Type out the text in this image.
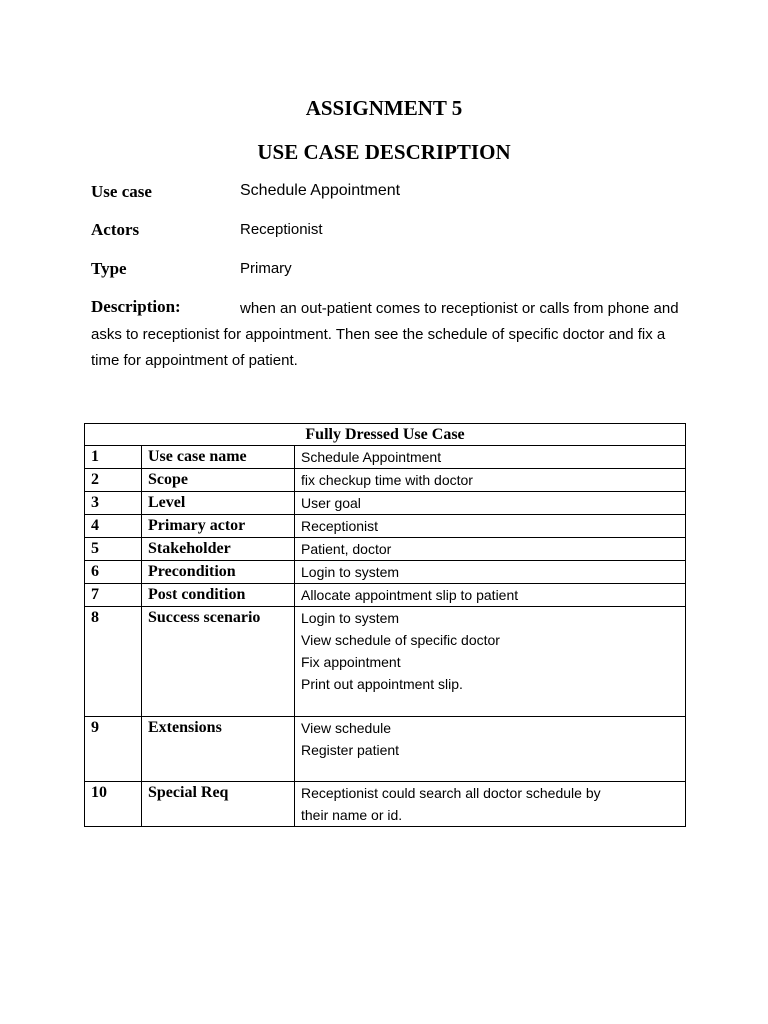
ASSIGNMENT 5
USE CASE DESCRIPTION
Use case	Schedule Appointment
Actors	Receptionist
Type	Primary
Description:	when an out-patient comes to receptionist or calls from phone and asks to receptionist for appointment. Then see the schedule of specific doctor and fix a time for appointment of patient.
Fully Dressed Use Case		
1	Use case name	Schedule Appointment

2	Scope	fix checkup time with doctor

3	Level	User goal

4	Primary actor	Receptionist

5	Stakeholder	Patient, doctor

6	Precondition	Login to system

7	Post condition	Allocate appointment slip to patient

8	Success scenario	Login to system
View schedule of specific doctor
Fix appointment
Print out appointment slip.

9	Extensions	View schedule
Register patient

10	Special Req	Receptionist could search all doctor schedule by
their name or id.
